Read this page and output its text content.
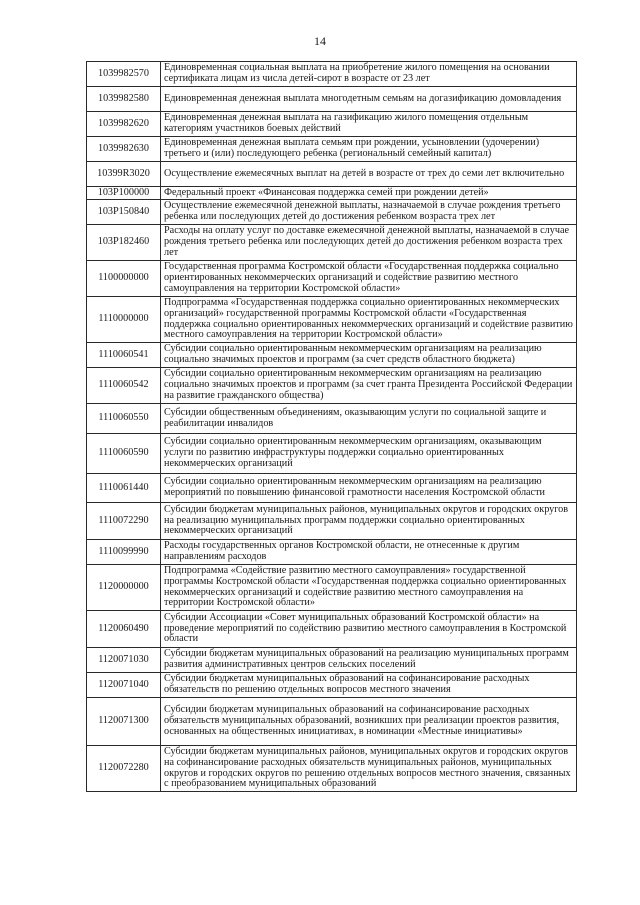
14
1039982570	Единовременная социальная выплата на приобретение жилого помещения на основании сертификата лицам из числа детей-сирот в возрасте от 23 лет
1039982580	Единовременная денежная выплата многодетным семьям на догазификацию домовладения
1039982620	Единовременная денежная выплата на газификацию жилого помещения отдельным категориям участников боевых действий
1039982630	Единовременная денежная выплата семьям при рождении, усыновлении (удочерении) третьего и (или) последующего ребенка (региональный семейный капитал)
10399R3020	Осуществление ежемесячных выплат на детей в возрасте от трех до семи лет включительно
103P100000	Федеральный проект «Финансовая поддержка семей при рождении детей»
103P150840	Осуществление ежемесячной денежной выплаты, назначаемой в случае рождения третьего ребенка или последующих детей до достижения ребенком возраста трех лет
103P182460	Расходы на оплату услуг по доставке ежемесячной денежной выплаты, назначаемой в случае рождения третьего ребенка или последующих детей до достижения ребенком возраста трех лет
1100000000	Государственная программа Костромской области «Государственная поддержка социально ориентированных некоммерческих организаций и содействие развитию местного самоуправления на территории Костромской области»
1110000000	Подпрограмма «Государственная поддержка социально ориентированных некоммерческих организаций» государственной программы Костромской области «Государственная поддержка социально ориентированных некоммерческих организаций и содействие развитию местного самоуправления на территории Костромской области»
1110060541	Субсидии социально ориентированным некоммерческим организациям на реализацию социально значимых проектов и программ (за счет средств областного бюджета)
1110060542	Субсидии социально ориентированным некоммерческим организациям на реализацию социально значимых проектов и программ (за счет гранта Президента Российской Федерации на развитие гражданского общества)
1110060550	Субсидии общественным объединениям, оказывающим услуги по социальной защите и реабилитации инвалидов
1110060590	Субсидии социально ориентированным некоммерческим организациям, оказывающим услуги по развитию инфраструктуры поддержки социально ориентированных некоммерческих организаций
1110061440	Субсидии социально ориентированным некоммерческим организациям на реализацию мероприятий по повышению финансовой грамотности населения Костромской области
1110072290	Субсидии бюджетам муниципальных районов, муниципальных округов и городских округов на реализацию муниципальных программ поддержки социально ориентированных некоммерческих организаций
1110099990	Расходы государственных органов Костромской области, не отнесенные к другим направлениям расходов
1120000000	Подпрограмма «Содействие развитию местного самоуправления» государственной программы Костромской области «Государственная поддержка социально ориентированных некоммерческих организаций и содействие развитию местного самоуправления на территории Костромской области»
1120060490	Субсидии Ассоциации «Совет муниципальных образований Костромской области» на проведение мероприятий по содействию развитию местного самоуправления в Костромской области
1120071030	Субсидии бюджетам муниципальных образований на реализацию муниципальных программ развития административных центров сельских поселений
1120071040	Субсидии бюджетам муниципальных образований на софинансирование расходных обязательств по решению отдельных вопросов местного значения
1120071300	Субсидии бюджетам муниципальных образований на софинансирование расходных обязательств муниципальных образований, возникших при реализации проектов развития, основанных на общественных инициативах, в номинации «Местные инициативы»
1120072280	Субсидии бюджетам муниципальных районов, муниципальных округов и городских округов на софинансирование расходных обязательств муниципальных районов, муниципальных округов и городских округов по решению отдельных вопросов местного значения, связанных с преобразованием муниципальных образований
